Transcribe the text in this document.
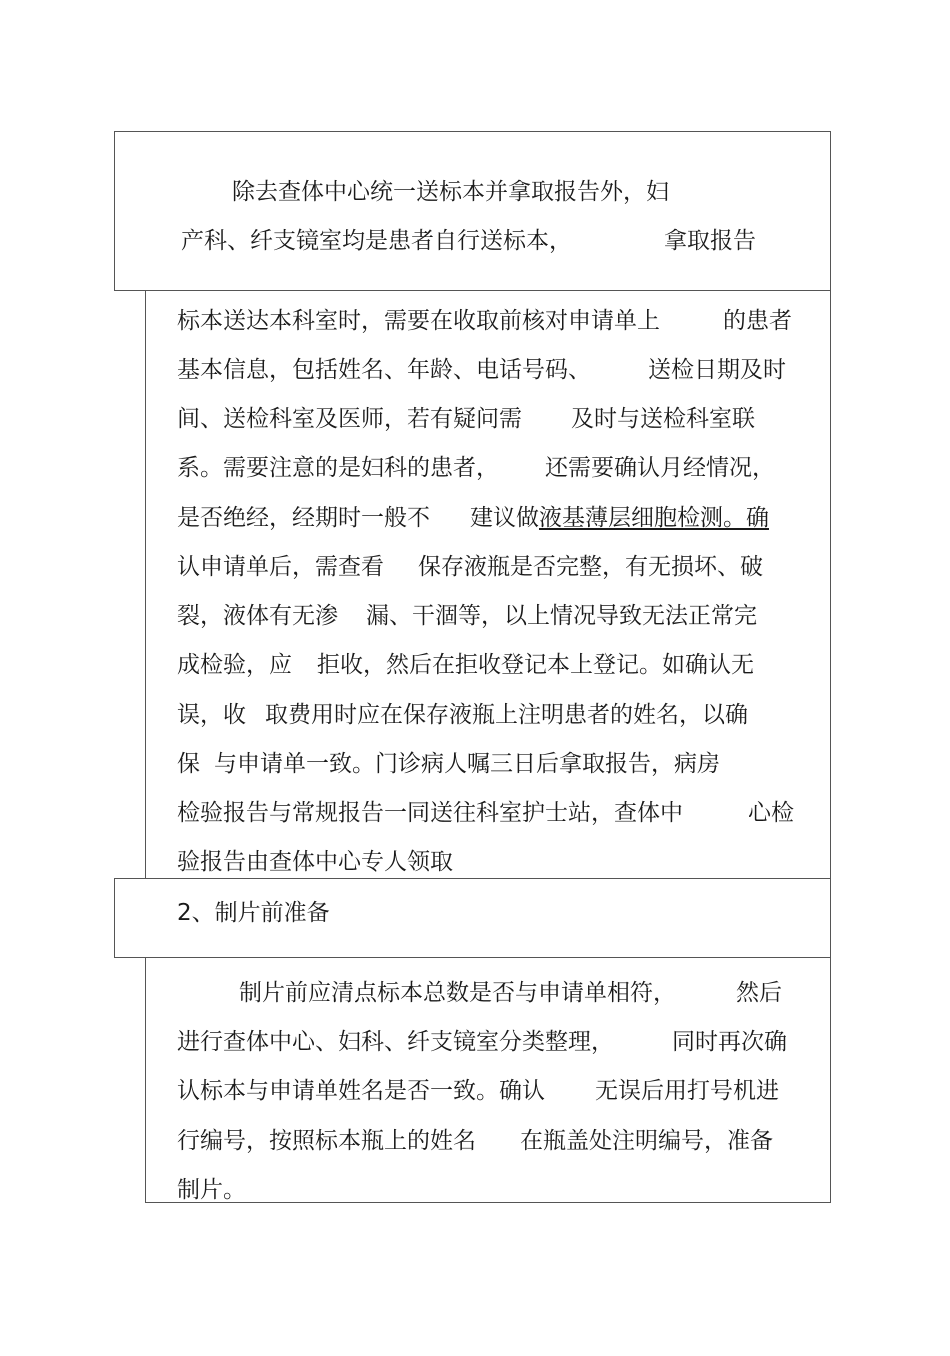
除去查体中心统一送标本并拿取报告外，妇
产科、纤支镜室均是患者自行送标本，	拿取报告
标本送达本科室时，需要在收取前核对申请单上	的患者
基本信息，包括姓名、年龄、电话号码、 送检日期及时
间、送检科室及医师，若有疑问需 及时与送检科室联
系。需要注意的是妇科的患者， 还需要确认月经情况，
是否绝经，经期时一般不 建议做 液基薄层细胞检测。确
认申请单后，需查看 保存液瓶是否完整，有无损坏、破
裂，液体有无渗 漏、干涸等，以上情况导致无法正常完
成检验，应 拒收，然后在拒收登记本上登记。如确认无
误，收 取费用时应在保存液瓶上注明患者的姓名，以确
保 与申请单一致。门诊病人嘱三日后拿取报告，病房
检验报告与常规报告一同送往科室护士站，查体中	心检
验报告由查体中心专人领取
2、制片前准备
制片前应清点标本总数是否与申请单相符，	然后
进行查体中心、妇科、纤支镜室分类整理，	同时再次确
认标本与申请单姓名是否一致。确认 无误后用打号机进
行编号，按照标本瓶上的姓名 在瓶盖处注明编号，准备
制片。
